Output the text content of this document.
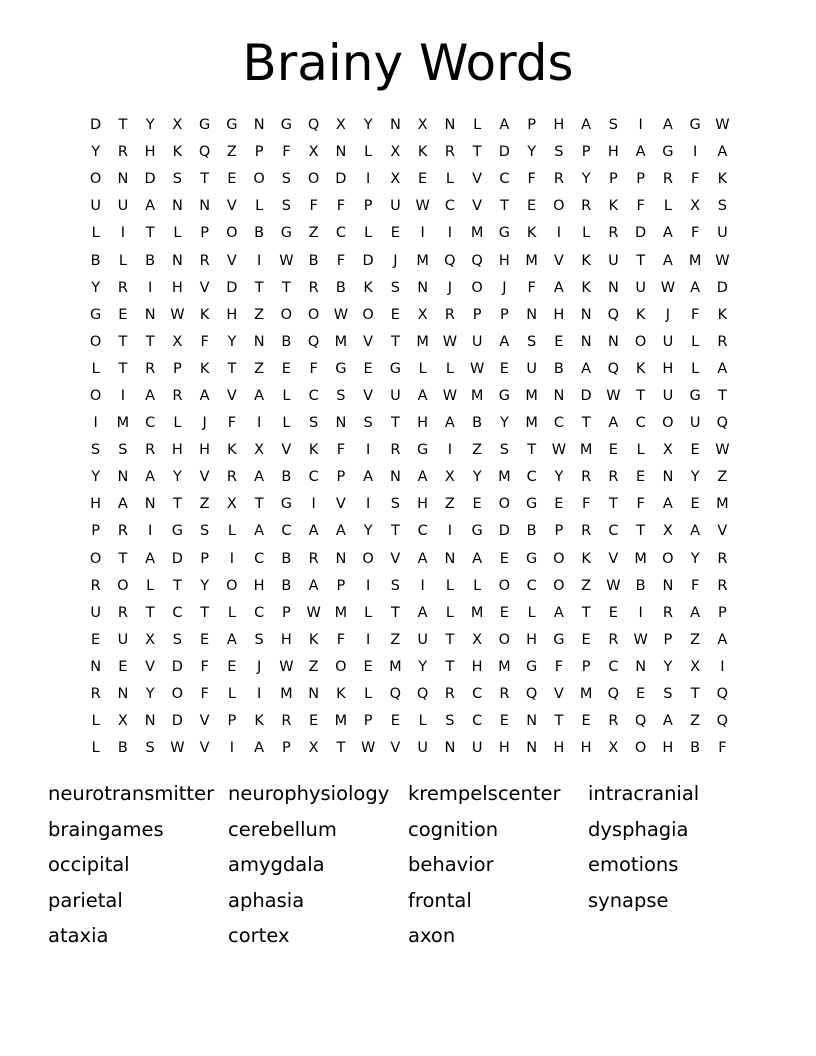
Brainy Words
D	T	Y	X	G	G	N	G	Q	X	Y	N	X	N	L	A	P	H	A	S	I	A	G W
Y	R	H	K	Q	Z	P	F	X	N	L	X	K	R	T	D	Y	S	P	H	A	G	I	A
O	N	D	S	T	E	O	S	O	D	I	X	E	L	V	C	F	R	Y	P	P	R	F	K
U	U	A	N	N	V	L	S	F	F	P	U	W	C	V	T	E	O	R	K	F	L	X	S
L	I	T	L	P	O	B	G	Z	C	L	E	I	I	M	G	K	I	L	R	D	A	F	U
B	L	B	N	R	V	I	W	B	F	D	J	M	Q	Q	H	M	V	K	U	T	A	M W
Y	R	I	H	V	D	T	T	R	B	K	S	N	J	O	J	F	A	K	N	U	W	A	D
G	E	N	W	K	H	Z	O	O W O	E	X	R	P	P	N	H	N	Q	K	J	F	K
O	T	T	X	F	Y	N	B	Q	M	V	T	M W	U	A	S	E	N	N	O	U	L	R
L	T	R	P	K	T	Z	E	F	G	E	G	L	L	W	E	U	B	A	Q	K	H	L	A
O	I	A	R	A	V	A	L	C	S	V	U	A	W M	G	M	N	D	W	T	U	G	T
I	M	C	L	J	F	I	L	S	N	S	T	H	A	B	Y	M	C	T	A	C	O	U	Q
S	S	R	H	H	K	X	V	K	F	I	R	G	I	Z	S	T	W M	E	L	X	E	W
Y	N	A	Y	V	R	A	B	C	P	A	N	A	X	Y	M	C	Y	R	R	E	N	Y	Z
H	A	N	T	Z	X	T	G	I	V	I	S	H	Z	E	O	G	E	F	T	F	A	E	M
P	R	I	G	S	L	A	C	A	A	Y	T	C	I	G	D	B	P	R	C	T	X	A	V
O	T	A	D	P	I	C	B	R	N	O	V	A	N	A	E	G	O	K	V	M	O	Y	R
R	O	L	T	Y	O	H	B	A	P	I	S	I	L	L	O	C	O	Z	W	B	N	F	R
U	R	T	C	T	L	C	P	W M	L	T	A	L	M	E	L	A	T	E	I	R	A	P
E	U	X	S	E	A	S	H	K	F	I	Z	U	T	X	O	H	G	E	R	W	P	Z	A
N	E	V	D	F	E	J	W	Z	O	E	M	Y	T	H	M	G	F	P	C	N	Y	X	I
R	N	Y	O	F	L	I	M	N	K	L	Q	Q	R	C	R	Q	V	M	Q	E	S	T	Q
L	X	N	D	V	P	K	R	E	M	P	E	L	S	C	E	N	T	E	R	Q	A	Z	Q
L	B	S	W	V	I	A	P	X	T	W	V	U	N	U	H	N	H	H	X	O	H	B	F
neurotransmitter neurophysiology krempelscenter	intracranial
braingames	cerebellum	cognition	dysphagia
occipital	amygdala	behavior	emotions
parietal	aphasia	frontal	synapse
ataxia	cortex	axon
